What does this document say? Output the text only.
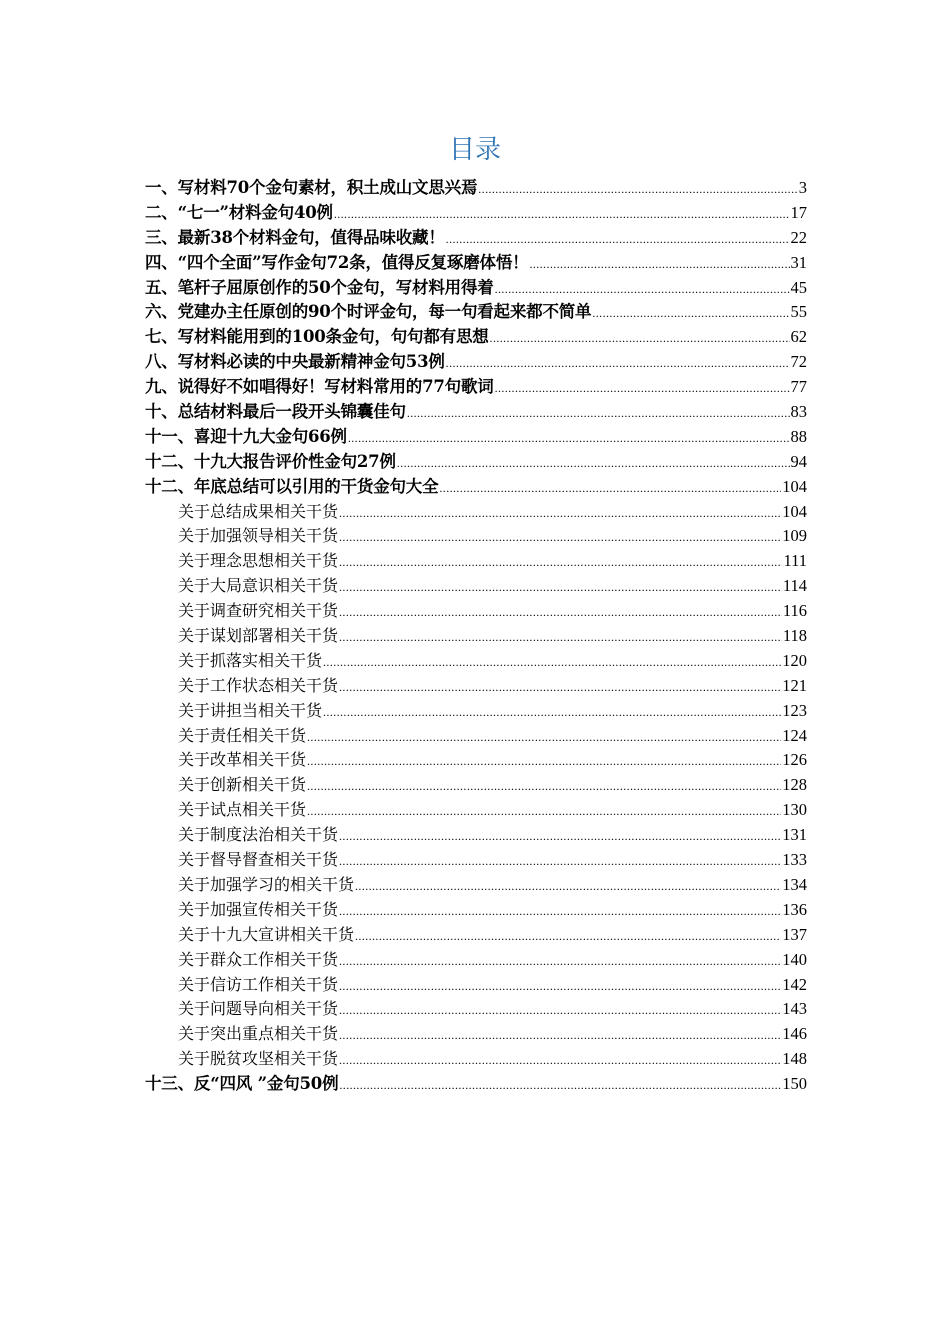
目录
一、写材料70个金句素材，积土成山文思兴焉 .....	3
二、“七一”材料金句40例 .....	17
三、最新38个材料金句，值得品味收藏！ .....	22
四、“四个全面”写作金句72条，值得反复琢磨体悟！ .....	31
五、笔杆子屈原创作的50个金句，写材料用得着 .....	45
六、党建办主任原创的90个时评金句，每一句看起来都不简单 .....	55
七、写材料能用到的100条金句，句句都有思想 .....	62
八、写材料必读的中央最新精神金句53例 .....	72
九、说得好不如唱得好！写材料常用的77句歌词 .....	77
十、总结材料最后一段开头锦囊佳句 .....	83
十一、喜迎十九大金句66例 .....	88
十二、十九大报告评价性金句27例 .....	94
十二、年底总结可以引用的干货金句大全 .....	104
关于总结成果相关干货 .....	104
关于加强领导相关干货 .....	109
关于理念思想相关干货 .....	111
关于大局意识相关干货 .....	114
关于调查研究相关干货 .....	116
关于谋划部署相关干货 .....	118
关于抓落实相关干货 .....	120
关于工作状态相关干货 .....	121
关于讲担当相关干货 .....	123
关于责任相关干货 .....	124
关于改革相关干货 .....	126
关于创新相关干货 .....	128
关于试点相关干货 .....	130
关于制度法治相关干货 .....	131
关于督导督查相关干货 .....	133
关于加强学习的相关干货 .....	134
关于加强宣传相关干货 .....	136
关于十九大宣讲相关干货 .....	137
关于群众工作相关干货 .....	140
关于信访工作相关干货 .....	142
关于问题导向相关干货 .....	143
关于突出重点相关干货 .....	146
关于脱贫攻坚相关干货 .....	148
十三、反“四风 ”金句50例 .....	150
